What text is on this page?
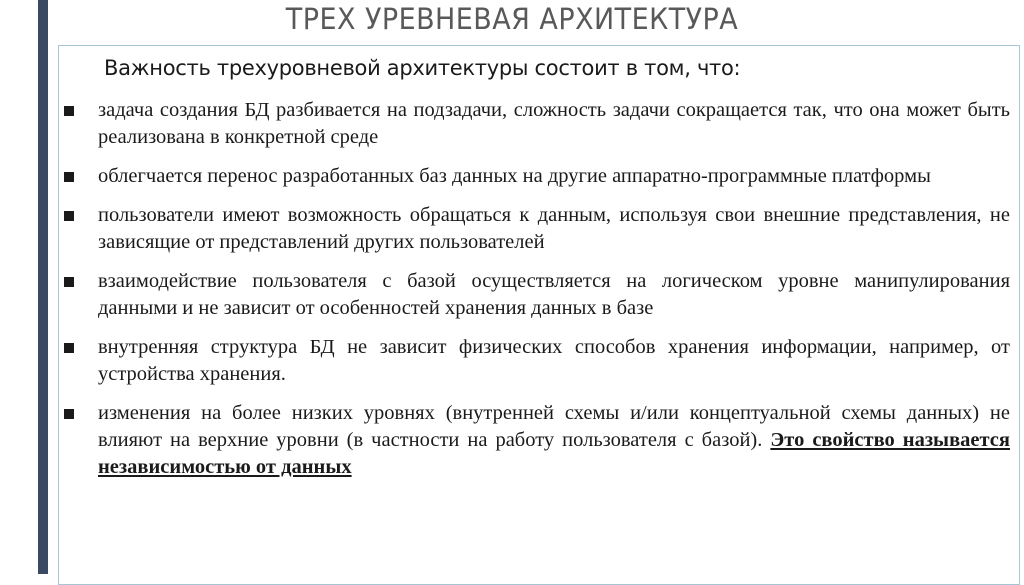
ТРЕХ УРЕВНЕВАЯ АРХИТЕКТУРА
Важность трехуровневой архитектуры состоит в том, что:
задача создания БД разбивается на подзадачи, сложность задачи сокращается так, что она может быть реализована в конкретной среде
облегчается перенос разработанных баз данных на другие аппаратно-программные платформы
пользователи имеют возможность обращаться к данным, используя свои внешние представления, не зависящие от представлений других пользователей
взаимодействие пользователя с базой осуществляется на логическом уровне манипулирования данными и не зависит от особенностей хранения данных в базе
внутренняя структура БД не зависит физических способов хранения информации, например, от устройства хранения.
изменения на более низких уровнях (внутренней схемы и/или концептуальной схемы данных) не влияют на верхние уровни (в частности на работу пользователя с базой). Это свойство называется независимостью от данных
